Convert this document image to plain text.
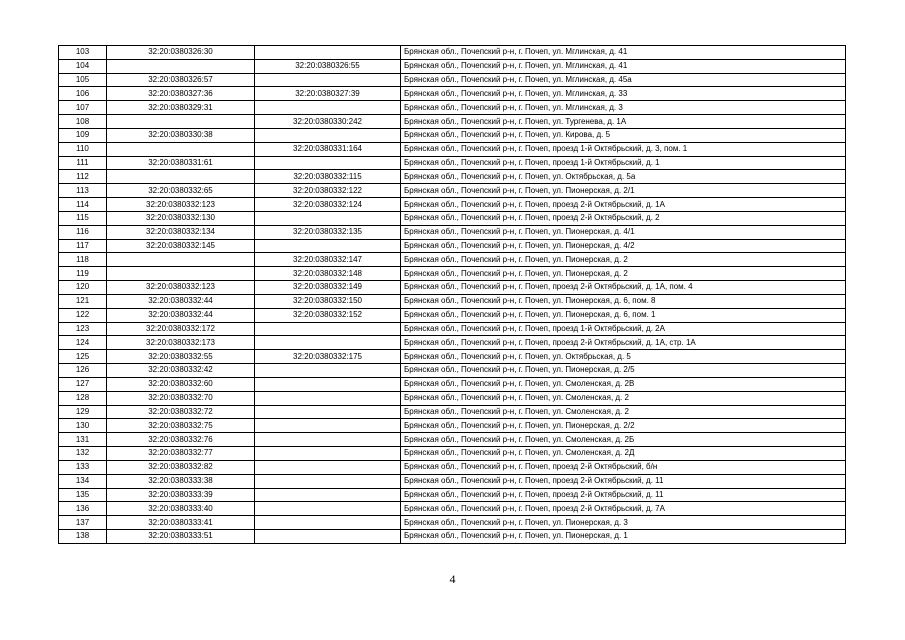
103	32:20:0380326:30		Брянская обл., Почепский р-н, г. Почеп, ул. Мглинская, д. 41
104		32:20:0380326:55	Брянская обл., Почепский р-н, г. Почеп, ул. Мглинская, д. 41
105	32:20:0380326:57		Брянская обл., Почепский р-н, г. Почеп, ул. Мглинская, д. 45а
106	32:20:0380327:36	32:20:0380327:39	Брянская обл., Почепский р-н, г. Почеп, ул. Мглинская, д. 33
107	32:20:0380329:31		Брянская обл., Почепский р-н, г. Почеп, ул. Мглинская, д. 3
108		32:20:0380330:242	Брянская обл., Почепский р-н, г. Почеп, ул. Тургенева, д. 1А
109	32:20:0380330:38		Брянская обл., Почепский р-н, г. Почеп, ул. Кирова, д. 5
110		32:20:0380331:164	Брянская обл., Почепский р-н, г. Почеп, проезд 1-й Октябрьский, д. 3, пом. 1
111	32:20:0380331:61		Брянская обл., Почепский р-н, г. Почеп, проезд 1-й Октябрьский, д. 1
112		32:20:0380332:115	Брянская обл., Почепский р-н, г. Почеп, ул. Октябрьская, д. 5а
113	32:20:0380332:65	32:20:0380332:122	Брянская обл., Почепский р-н, г. Почеп, ул. Пионерская, д. 2/1
114	32:20:0380332:123	32:20:0380332:124	Брянская обл., Почепский р-н, г. Почеп, проезд 2-й Октябрьский, д. 1А
115	32:20:0380332:130		Брянская обл., Почепский р-н, г. Почеп, проезд 2-й Октябрьский, д. 2
116	32:20:0380332:134	32:20:0380332:135	Брянская обл., Почепский р-н, г. Почеп, ул. Пионерская, д. 4/1
117	32:20:0380332:145		Брянская обл., Почепский р-н, г. Почеп, ул. Пионерская, д. 4/2
118		32:20:0380332:147	Брянская обл., Почепский р-н, г. Почеп, ул. Пионерская, д. 2
119		32:20:0380332:148	Брянская обл., Почепский р-н, г. Почеп, ул. Пионерская, д. 2
120	32:20:0380332:123	32:20:0380332:149	Брянская обл., Почепский р-н, г. Почеп, проезд 2-й Октябрьский, д. 1А, пом. 4
121	32:20:0380332:44	32:20:0380332:150	Брянская обл., Почепский р-н, г. Почеп, ул. Пионерская, д. 6, пом. 8
122	32:20:0380332:44	32:20:0380332:152	Брянская обл., Почепский р-н, г. Почеп, ул. Пионерская, д. 6, пом. 1
123	32:20:0380332:172		Брянская обл., Почепский р-н, г. Почеп, проезд 1-й Октябрьский, д. 2А
124	32:20:0380332:173		Брянская обл., Почепский р-н, г. Почеп, проезд 2-й Октябрьский, д. 1А, стр. 1А
125	32:20:0380332:55	32:20:0380332:175	Брянская обл., Почепский р-н, г. Почеп, ул. Октябрьская, д. 5
126	32:20:0380332:42		Брянская обл., Почепский р-н, г. Почеп, ул. Пионерская, д. 2/5
127	32:20:0380332:60		Брянская обл., Почепский р-н, г. Почеп, ул. Смоленская, д. 2В
128	32:20:0380332:70		Брянская обл., Почепский р-н, г. Почеп, ул. Смоленская, д. 2
129	32:20:0380332:72		Брянская обл., Почепский р-н, г. Почеп, ул. Смоленская, д. 2
130	32:20:0380332:75		Брянская обл., Почепский р-н, г. Почеп, ул. Пионерская, д. 2/2
131	32:20:0380332:76		Брянская обл., Почепский р-н, г. Почеп, ул. Смоленская, д. 2Б
132	32:20:0380332:77		Брянская обл., Почепский р-н, г. Почеп, ул. Смоленская, д. 2Д
133	32:20:0380332:82		Брянская обл., Почепский р-н, г. Почеп, проезд 2-й Октябрьский, б/н
134	32:20:0380333:38		Брянская обл., Почепский р-н, г. Почеп, проезд 2-й Октябрьский, д. 11
135	32:20:0380333:39		Брянская обл., Почепский р-н, г. Почеп, проезд 2-й Октябрьский, д. 11
136	32:20:0380333:40		Брянская обл., Почепский р-н, г. Почеп, проезд 2-й Октябрьский, д. 7А
137	32:20:0380333:41		Брянская обл., Почепский р-н, г. Почеп, ул. Пионерская, д. 3
138	32:20:0380333:51		Брянская обл., Почепский р-н, г. Почеп, ул. Пионерская, д. 1
4
